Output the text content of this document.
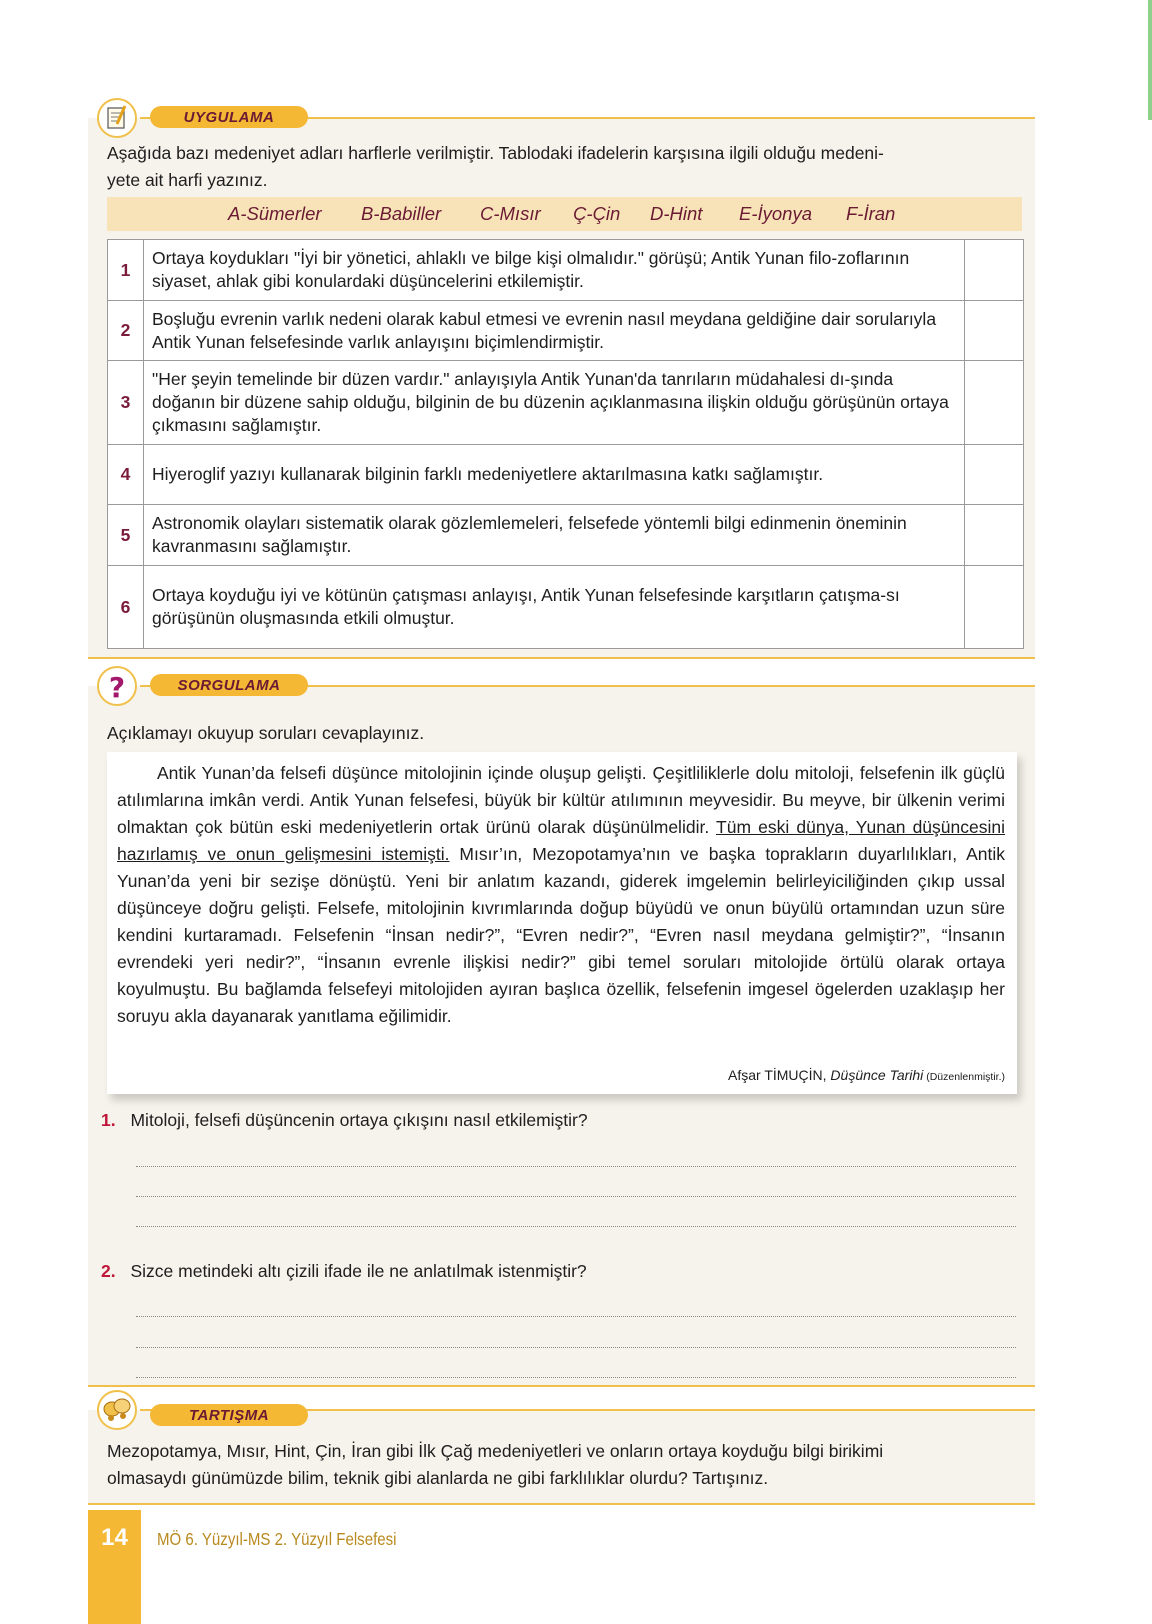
UYGULAMA
Aşağıda bazı medeniyet adları harflerle verilmiştir. Tablodaki ifadelerin karşısına ilgili olduğu medeni-
yete ait harfi yazınız.
A-Sümerler B-Babiller C-Mısır Ç-Çin D-Hint E-İyonya F-İran
1	Ortaya koydukları "İyi bir yönetici, ahlaklı ve bilge kişi olmalıdır." görüşü; Antik Yunan filo-zoflarının siyaset, ahlak gibi konulardaki düşüncelerini etkilemiştir.	
2	Boşluğu evrenin varlık nedeni olarak kabul etmesi ve evrenin nasıl meydana geldiğine dair sorularıyla Antik Yunan felsefesinde varlık anlayışını biçimlendirmiştir.	
3	"Her şeyin temelinde bir düzen vardır." anlayışıyla Antik Yunan'da tanrıların müdahalesi dı-şında doğanın bir düzene sahip olduğu, bilginin de bu düzenin açıklanmasına ilişkin olduğu görüşünün ortaya çıkmasını sağlamıştır.	
4	Hiyeroglif yazıyı kullanarak bilginin farklı medeniyetlere aktarılmasına katkı sağlamıştır.	
5	Astronomik olayları sistematik olarak gözlemlemeleri, felsefede yöntemli bilgi edinmenin öneminin kavranmasını sağlamıştır.	
6	Ortaya koyduğu iyi ve kötünün çatışması anlayışı, Antik Yunan felsefesinde karşıtların çatışma-sı görüşünün oluşmasında etkili olmuştur.	
?	SORGULAMA
Açıklamayı okuyup soruları cevaplayınız.
Antik Yunan’da felsefi düşünce mitolojinin içinde oluşup gelişti. Çeşitliliklerle dolu mitoloji, felsefenin ilk güçlü atılımlarına imkân verdi. Antik Yunan felsefesi, büyük bir kültür atılımının meyvesidir. Bu meyve, bir ülkenin verimi olmaktan çok bütün eski medeniyetlerin ortak ürünü olarak düşünülmelidir. Tüm eski dünya, Yunan düşüncesini hazırlamış ve onun gelişmesini istemişti. Mısır’ın, Mezopotamya’nın ve başka toprakların duyarlılıkları, Antik Yunan’da yeni bir sezişe dönüştü. Yeni bir anlatım kazandı, giderek imgelemin belirleyiciliğinden çıkıp ussal düşünceye doğru gelişti. Felsefe, mitolojinin kıvrımlarında doğup büyüdü ve onun büyülü ortamından uzun süre kendini kurtaramadı. Felsefenin “İnsan nedir?”, “Evren nedir?”, “Evren nasıl meydana gelmiştir?”, “İnsanın evrendeki yeri nedir?”, “İnsanın evrenle ilişkisi nedir?” gibi temel soruları mitolojide örtülü olarak ortaya koyulmuştu. Bu bağlamda felsefeyi mitolojiden ayıran başlıca özellik, felsefenin imgesel ögelerden uzaklaşıp her soruyu akla dayanarak yanıtlama eğilimidir.
Afşar TİMUÇİN, Düşünce Tarihi (Düzenlenmiştir.)
1. Mitoloji, felsefi düşüncenin ortaya çıkışını nasıl etkilemiştir?
2. Sizce metindeki altı çizili ifade ile ne anlatılmak istenmiştir?
TARTIŞMA
Mezopotamya, Mısır, Hint, Çin, İran gibi İlk Çağ medeniyetleri ve onların ortaya koyduğu bilgi birikimi
olmasaydı günümüzde bilim, teknik gibi alanlarda ne gibi farklılıklar olurdu? Tartışınız.
14	MÖ 6. Yüzyıl-MS 2. Yüzyıl Felsefesi
